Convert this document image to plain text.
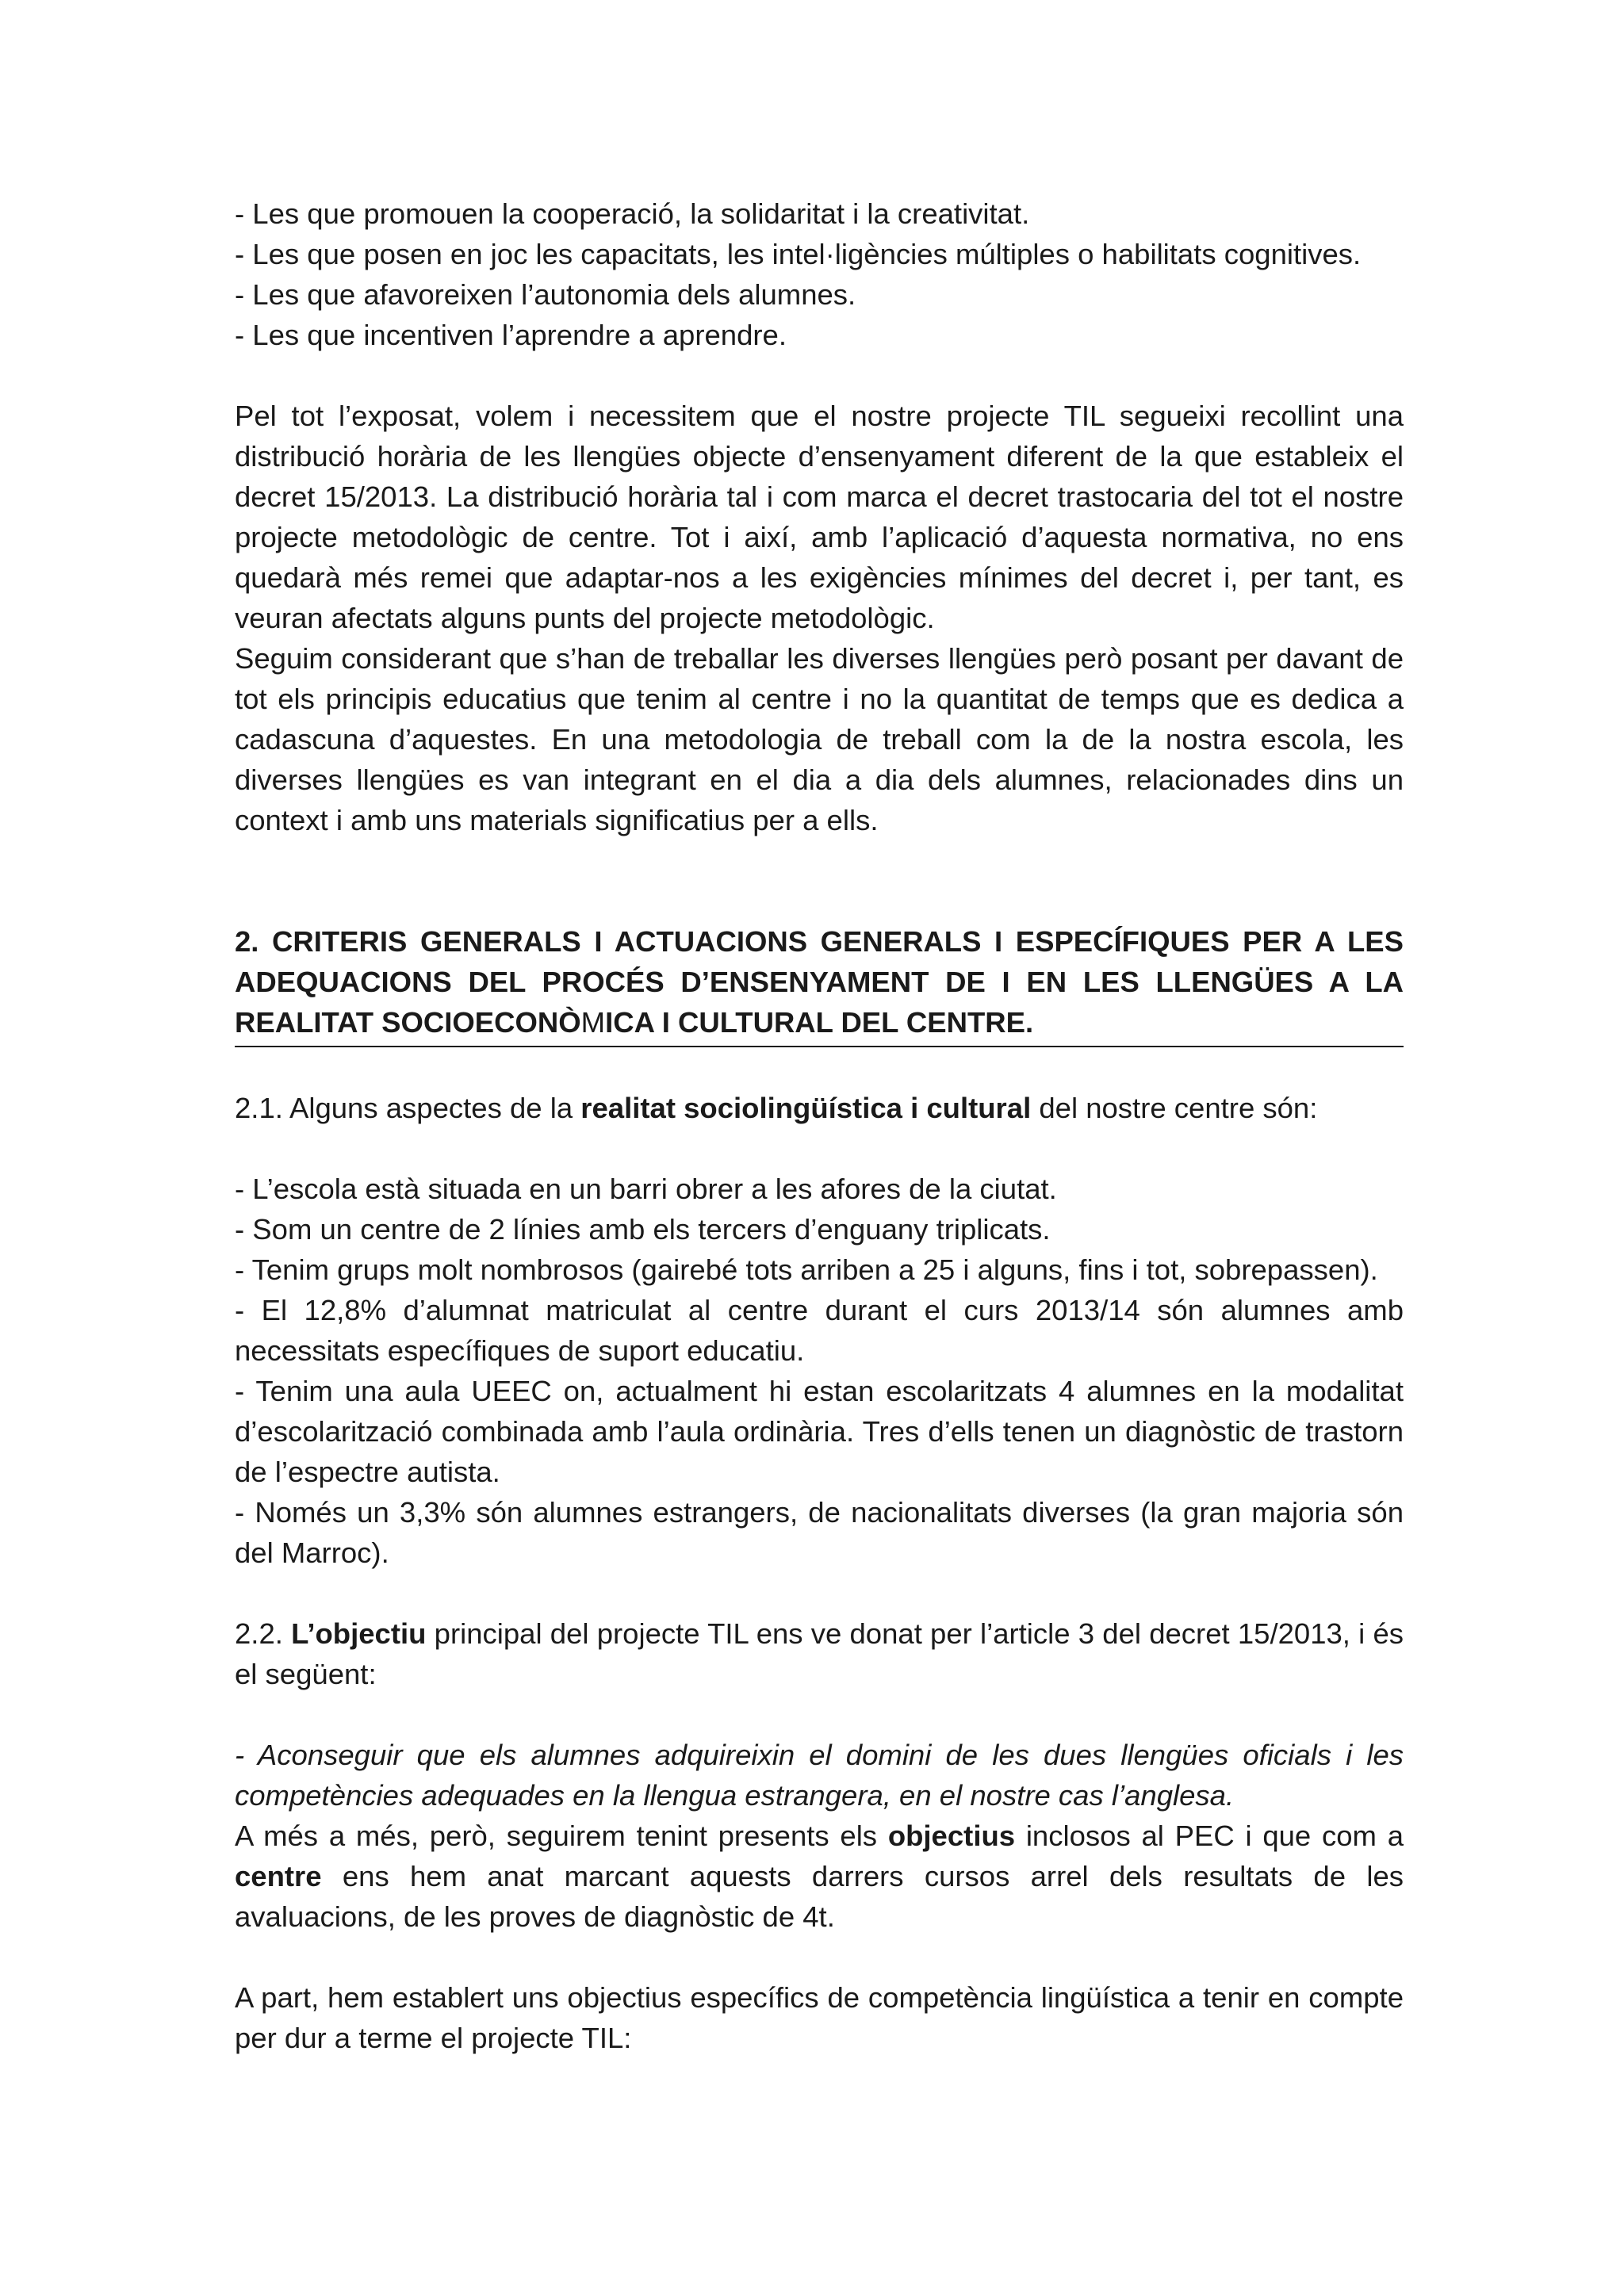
- Les que promouen la cooperació, la solidaritat i la creativitat.

- Les que posen en joc les capacitats, les intel·ligències múltiples o habilitats cognitives.

- Les que afavoreixen l’autonomia dels alumnes.

- Les que incentiven l’aprendre a aprendre.

Pel tot l’exposat, volem i necessitem que el nostre projecte TIL segueixi recollint una distribució horària de les llengües objecte d’ensenyament diferent de la que estableix el decret 15/2013. La distribució horària tal i com marca el decret trastocaria del tot el nostre projecte metodològic de centre. Tot i així, amb l’aplicació d’aquesta normativa, no ens quedarà més remei que adaptar-nos a les exigències mínimes del decret i, per tant, es veuran afectats alguns punts del projecte metodològic.

Seguim considerant que s’han de treballar les diverses llengües però posant per davant de tot els principis educatius que tenim al centre i no la quantitat de temps que es dedica a cadascuna d’aquestes. En una metodologia de treball com la de la nostra escola, les diverses llengües es van integrant en el dia a dia dels alumnes, relacionades dins un context i amb uns materials significatius per a ells.

2. CRITERIS GENERALS I ACTUACIONS GENERALS I ESPECÍFIQUES PER A LES ADEQUACIONS DEL PROCÉS D’ENSENYAMENT DE I EN LES LLENGÜES A LA REALITAT SOCIOECONÒMICA I CULTURAL DEL CENTRE.

2.1. Alguns aspectes de la realitat sociolingüística i cultural del nostre centre són:

- L’escola està situada en un barri obrer a les afores de la ciutat.

- Som un centre de 2 línies amb els tercers d’enguany triplicats.

- Tenim grups molt nombrosos (gairebé tots arriben a 25 i alguns, fins i tot, sobrepassen).

- El 12,8% d’alumnat matriculat al centre durant el curs 2013/14 són alumnes amb necessitats específiques de suport educatiu.

- Tenim una aula UEEC on, actualment hi estan escolaritzats 4 alumnes en la modalitat d’escolarització combinada amb l’aula ordinària. Tres d’ells tenen un diagnòstic de trastorn de l’espectre autista.

- Només un 3,3% són alumnes estrangers, de nacionalitats diverses (la gran majoria són del Marroc).

2.2. L’objectiu principal del projecte TIL ens ve donat per l’article 3 del decret 15/2013, i és el següent:

- Aconseguir que els alumnes adquireixin el domini de les dues llengües oficials i les competències adequades en la llengua estrangera, en el nostre cas l’anglesa.

A més a més, però, seguirem tenint presents els objectius inclosos al PEC i que com a centre ens hem anat marcant aquests darrers cursos arrel dels resultats de les avaluacions, de les proves de diagnòstic de 4t.

A part, hem establert uns objectius específics de competència lingüística a tenir en compte per dur a terme el projecte TIL:
